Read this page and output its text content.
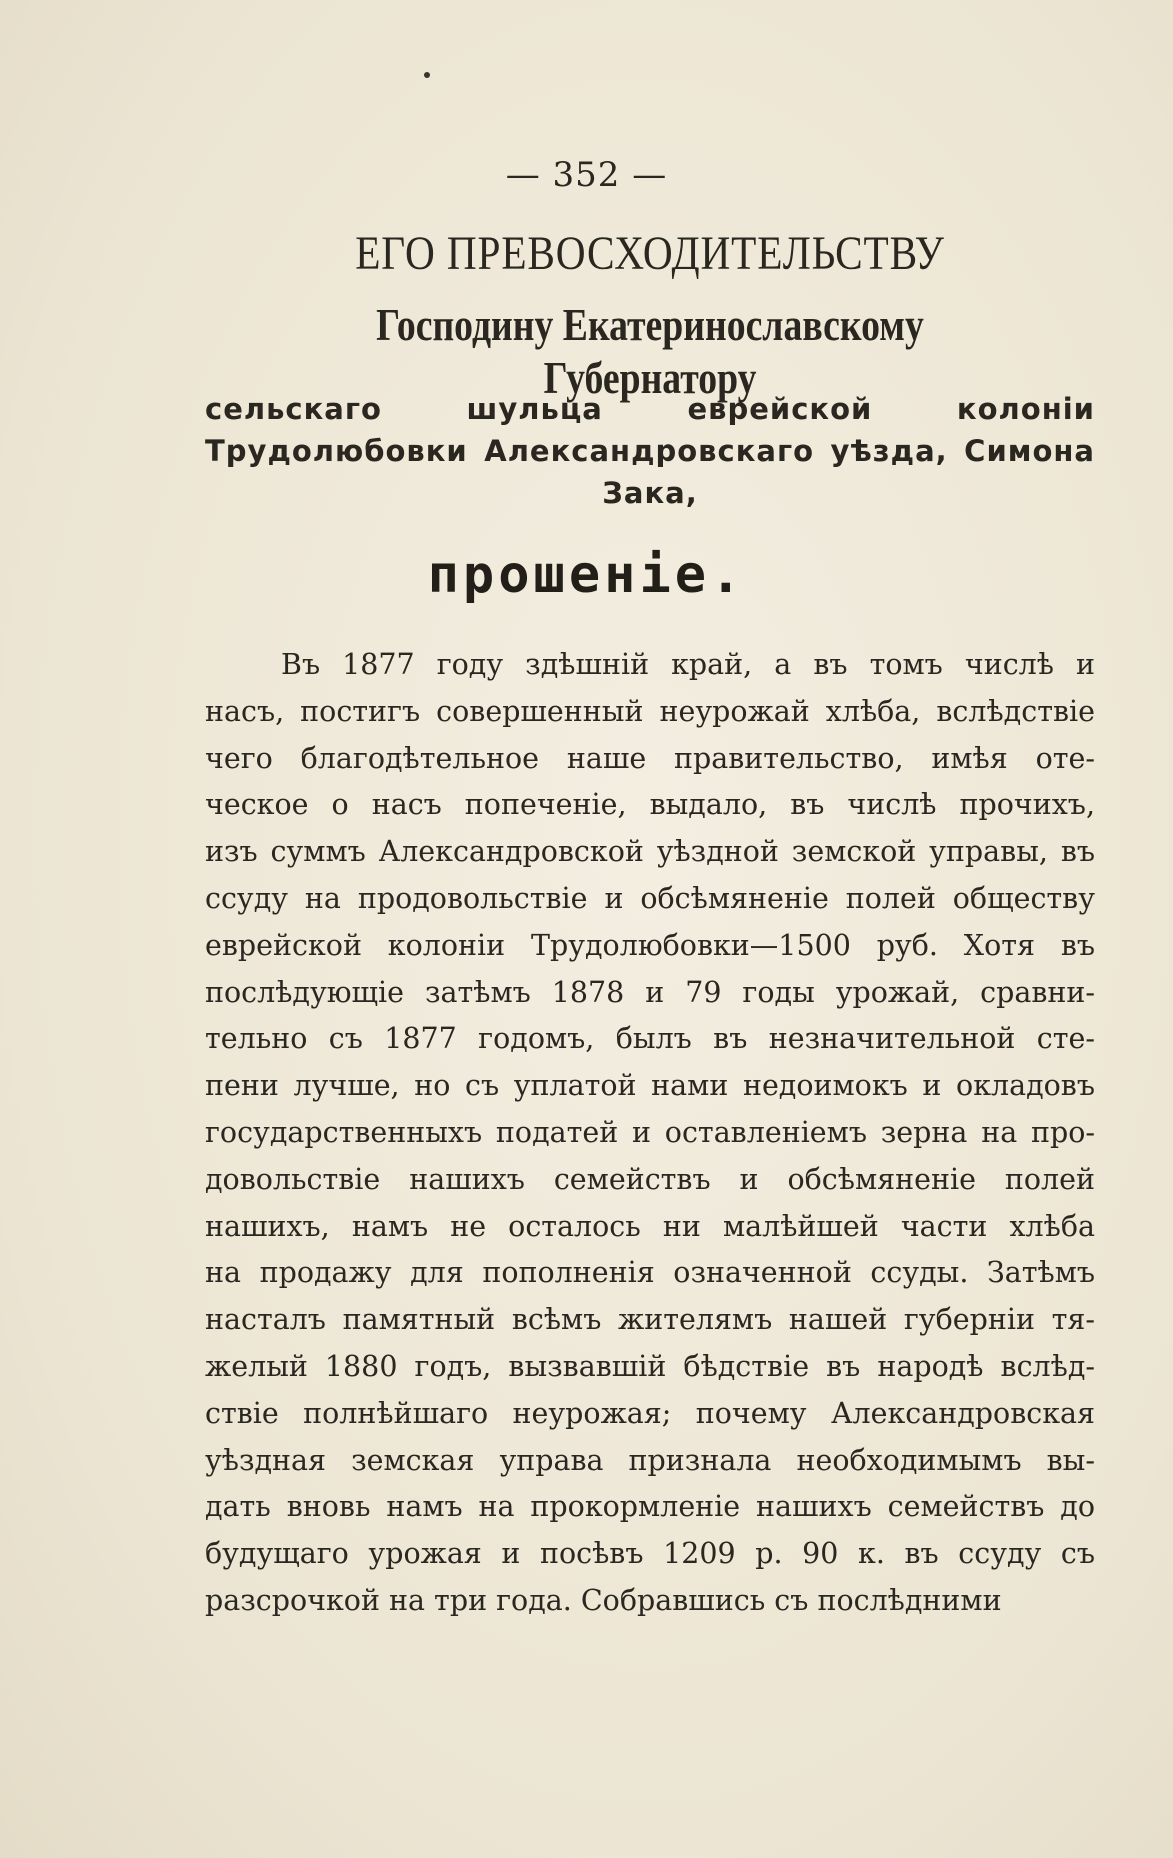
— 352 —
ЕГО ПРЕВОСХОДИТЕЛЬСТВУ
Господину Екатеринославскому Губернатору
сельскаго шульца еврейской колоніи Трудолюбовки Александровскаго уѣзда, Симона Зака,
прошеніе.
Въ 1877 году здѣшній край, а въ томъ числѣ и
насъ, постигъ совершенный неурожай хлѣба, вслѣдствіе
чего благодѣтельное наше правительство, имѣя оте-
ческое о насъ попеченіе, выдало, въ числѣ прочихъ,
изъ суммъ Александровской уѣздной земской управы, въ
ссуду на продовольствіе и обсѣмяненіе полей обществу
еврейской колоніи Трудолюбовки—1500 руб. Хотя въ
послѣдующіе затѣмъ 1878 и 79 годы урожай, сравни-
тельно съ 1877 годомъ, былъ въ незначительной сте-
пени лучше, но съ уплатой нами недоимокъ и окладовъ
государственныхъ податей и оставленіемъ зерна на про-
довольствіе нашихъ семействъ и обсѣмяненіе полей
нашихъ, намъ не осталось ни малѣйшей части хлѣба
на продажу для пополненія означенной ссуды. Затѣмъ
насталъ памятный всѣмъ жителямъ нашей губерніи тя-
желый 1880 годъ, вызвавшій бѣдствіе въ народѣ вслѣд-
ствіе полнѣйшаго неурожая; почему Александровская
уѣздная земская управа признала необходимымъ вы-
дать вновь намъ на прокормленіе нашихъ семействъ до
будущаго урожая и посѣвъ 1209 р. 90 к. въ ссуду съ
разсрочкой на три года. Собравшись съ послѣдними
